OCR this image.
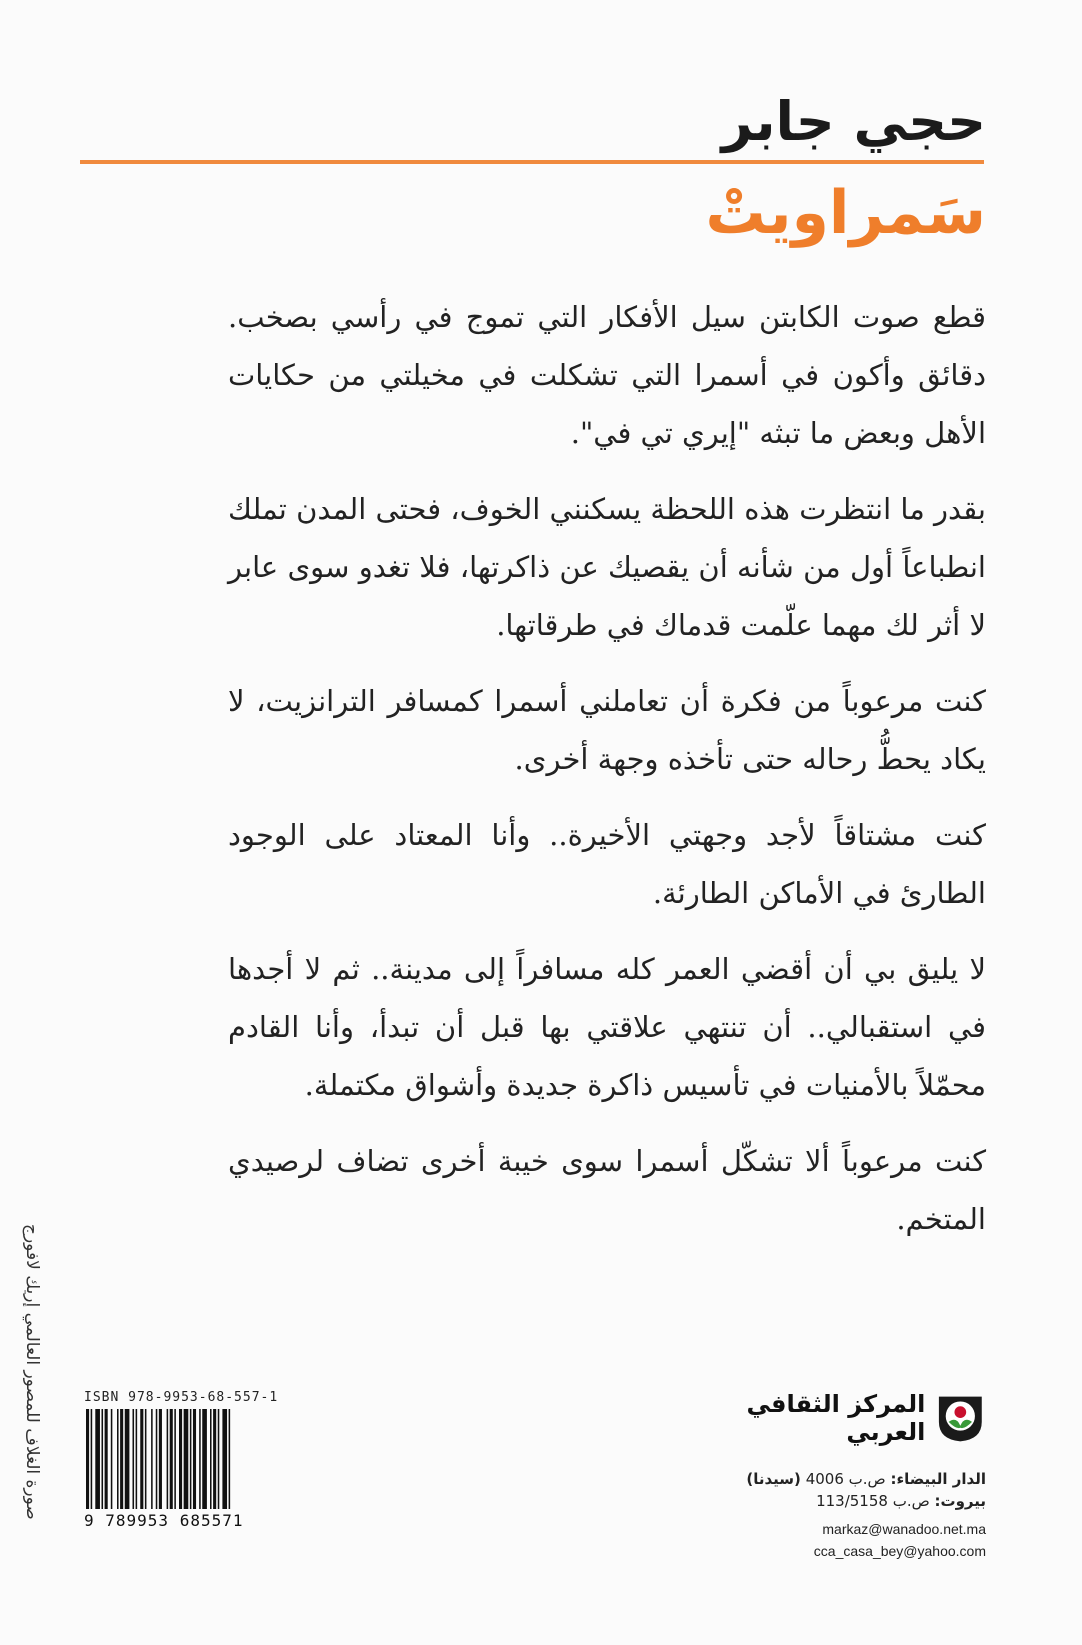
حجي جابر
سَمراويتْ

قطع صوت الكابتن سيل الأفكار التي تموج في رأسي بصخب. دقائق وأكون في أسمرا التي تشكلت في مخيلتي من حكايات الأهل وبعض ما تبثه "إيري تي في".

بقدر ما انتظرت هذه اللحظة يسكنني الخوف، فحتى المدن تملك انطباعاً أول من شأنه أن يقصيك عن ذاكرتها، فلا تغدو سوى عابر لا أثر لك مهما علّمت قدماك في طرقاتها.

كنت مرعوباً من فكرة أن تعاملني أسمرا كمسافر الترانزيت، لا يكاد يحطُّ رحاله حتى تأخذه وجهة أخرى.

كنت مشتاقاً لأجد وجهتي الأخيرة.. وأنا المعتاد على الوجود الطارئ في الأماكن الطارئة.

لا يليق بي أن أقضي العمر كله مسافراً إلى مدينة.. ثم لا أجدها في استقبالي.. أن تنتهي علاقتي بها قبل أن تبدأ، وأنا القادم محمّلاً بالأمنيات في تأسيس ذاكرة جديدة وأشواق مكتملة.

كنت مرعوباً ألا تشكّل أسمرا سوى خيبة أخرى تضاف لرصيدي المتخم.

صورة الغلاف للمصور العالمي إريك لافورج	ISBN 978-9953-68-557-1
9 789953 685571
المركز الثقافي العربي
الدار البيضاء: ص.ب 4006 (سيدنا)
بيروت: ص.ب 113/5158
markaz@wanadoo.net.ma
cca_casa_bey@yahoo.com
